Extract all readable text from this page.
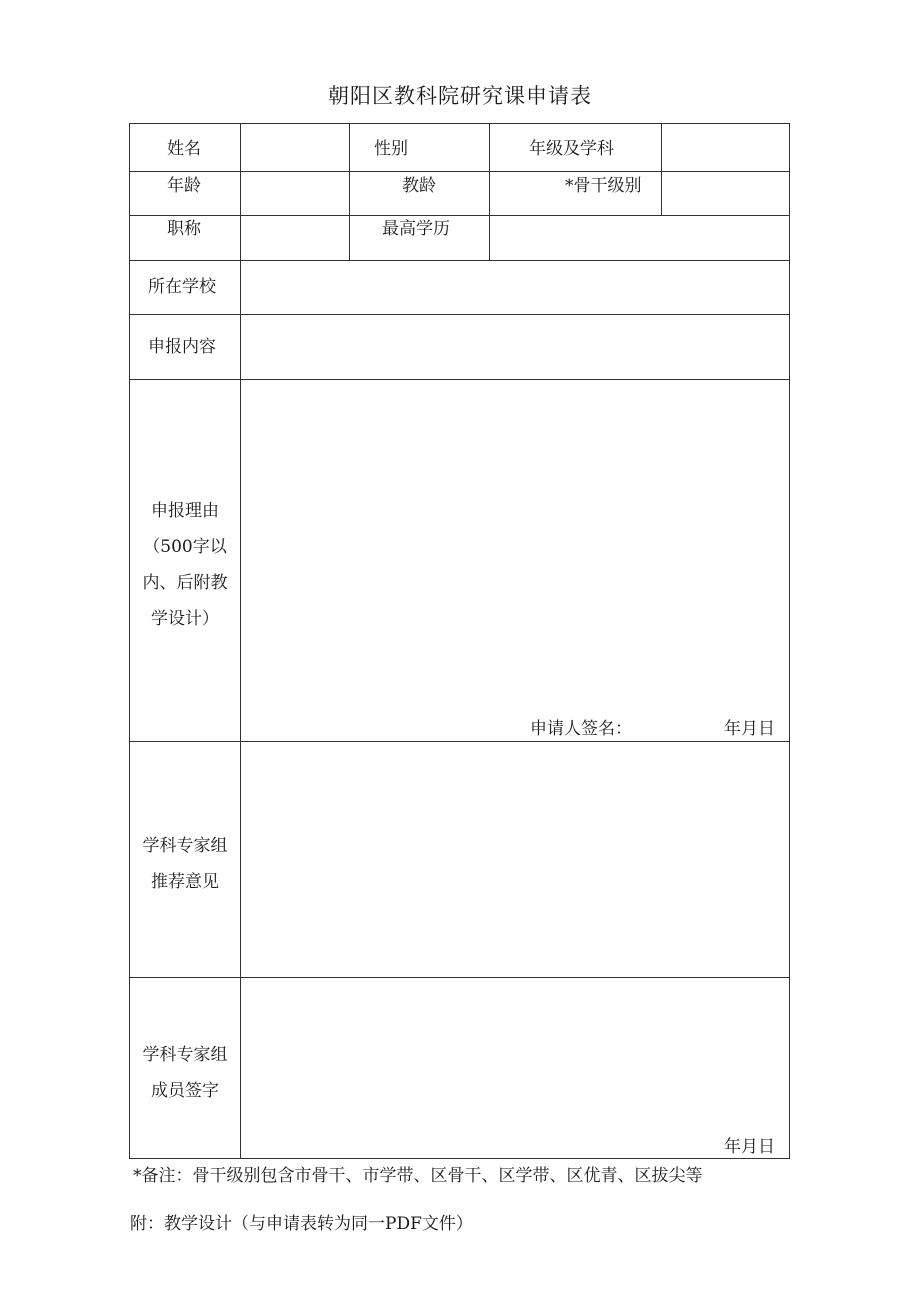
朝阳区教科院研究课申请表
姓名	性别	年级及学科
年龄	教龄	*骨干级别
职称	最高学历
所在学校
申报内容
申报理由
（500字以
内、后附教
学设计）
申请人签名：	年月日
学科专家组
推荐意见
学科专家组
成员签字
年月日
*备注：骨干级别包含市骨干、市学带、区骨干、区学带、区优青、区拔尖等
附：教学设计（与申请表转为同一PDF文件）
